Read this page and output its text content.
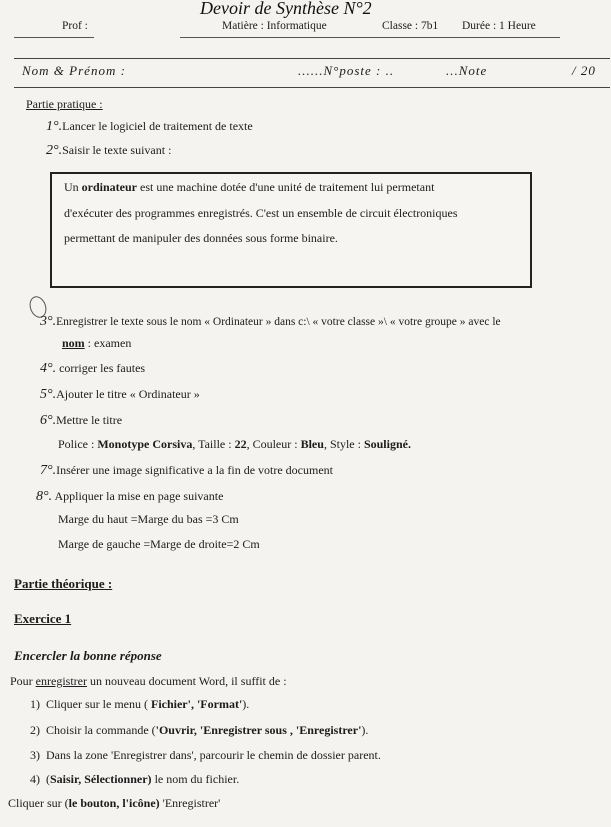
Devoir de Synthèse N°2
Prof :	Matière : Informatique	Classe : 7b1 Durée : 1 Heure
Nom & Prénom :	......N°poste : ..	...Note	/ 20
Partie pratique :
1°.Lancer le logiciel de traitement de texte
2°.Saisir le texte suivant :
Un ordinateur est une machine dotée d'une unité de traitement lui permetant
d'exécuter des programmes enregistrés. C'est un ensemble de circuit électroniques
permettant de manipuler des données sous forme binaire.
3°.Enregistrer le texte sous le nom « Ordinateur » dans c:\ « votre classe »\ « votre groupe » avec le
nom : examen
4°. corriger les fautes
5°.Ajouter le titre « Ordinateur »
6°.Mettre le titre
Police : Monotype Corsiva, Taille : 22, Couleur : Bleu, Style : Souligné.
7°.Insérer une image significative a la fin de votre document
8°. Appliquer la mise en page suivante
Marge du haut =Marge du bas =3 Cm
Marge de gauche =Marge de droite=2 Cm
Partie théorique :
Exercice 1
Encercler la bonne réponse
Pour enregistrer un nouveau document Word, il suffit de :
1) Cliquer sur le menu ( Fichier', 'Format').
2) Choisir la commande ('Ouvrir, 'Enregistrer sous , 'Enregistrer').
3) Dans la zone 'Enregistrer dans', parcourir le chemin de dossier parent.
4) (Saisir, Sélectionner) le nom du fichier.
Cliquer sur (le bouton, l'icône) 'Enregistrer'
